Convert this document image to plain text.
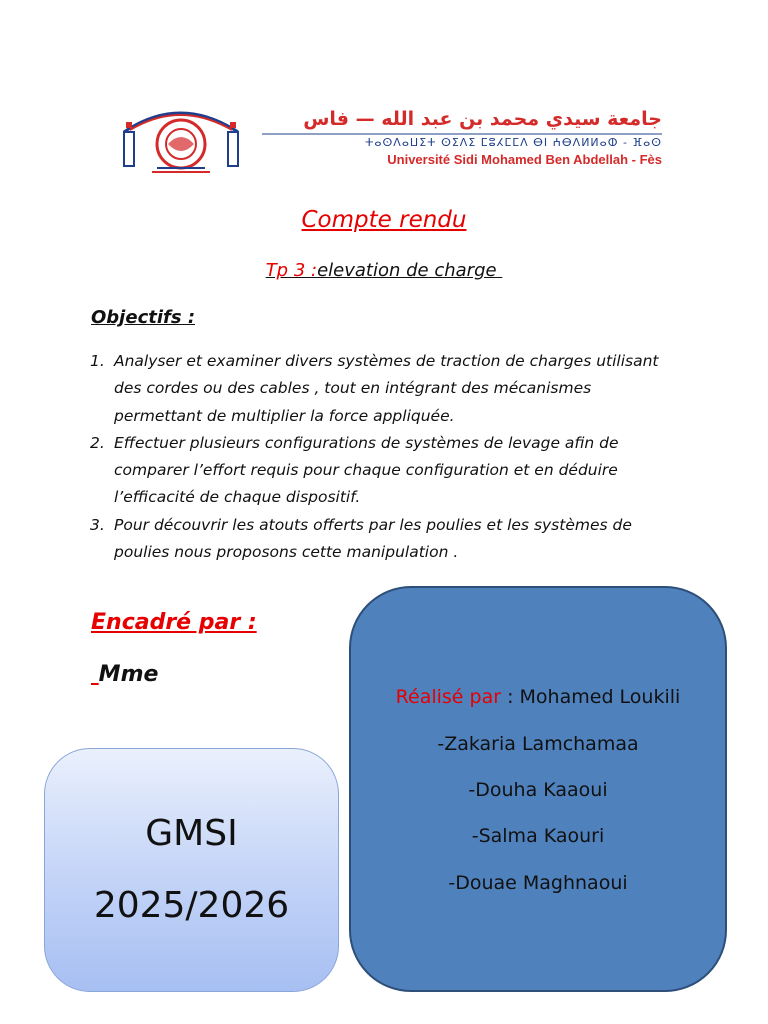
جامعة سيدي محمد بن عبد الله — فاس
ⵜⴰⵙⴷⴰⵡⵉⵜ ⵙⵉⴷⵉ ⵎⵓⵃⵎⵎⴷ ⴱⵏ ⵄⴱⴷⵍⵍⴰⵀ - ⴼⴰⵙ
Université Sidi Mohamed Ben Abdellah - Fès
Compte rendu
Tp 3 :elevation de charge
Objectifs :
1. Analyser et examiner divers systèmes de traction de charges utilisant des cordes ou des cables , tout en intégrant des mécanismes permettant de multiplier la force appliquée.
2. Effectuer plusieurs configurations de systèmes de levage afin de comparer l’effort requis pour chaque configuration et en déduire l’efficacité de chaque dispositif.
3. Pour découvrir les atouts offerts par les poulies et les systèmes de poulies nous proposons cette manipulation .
Encadré par :
Mme
Réalisé par : Mohamed Loukili
-Zakaria Lamchamaa
-Douha Kaaoui
-Salma Kaouri
-Douae Maghnaoui
GMSI
2025/2026
